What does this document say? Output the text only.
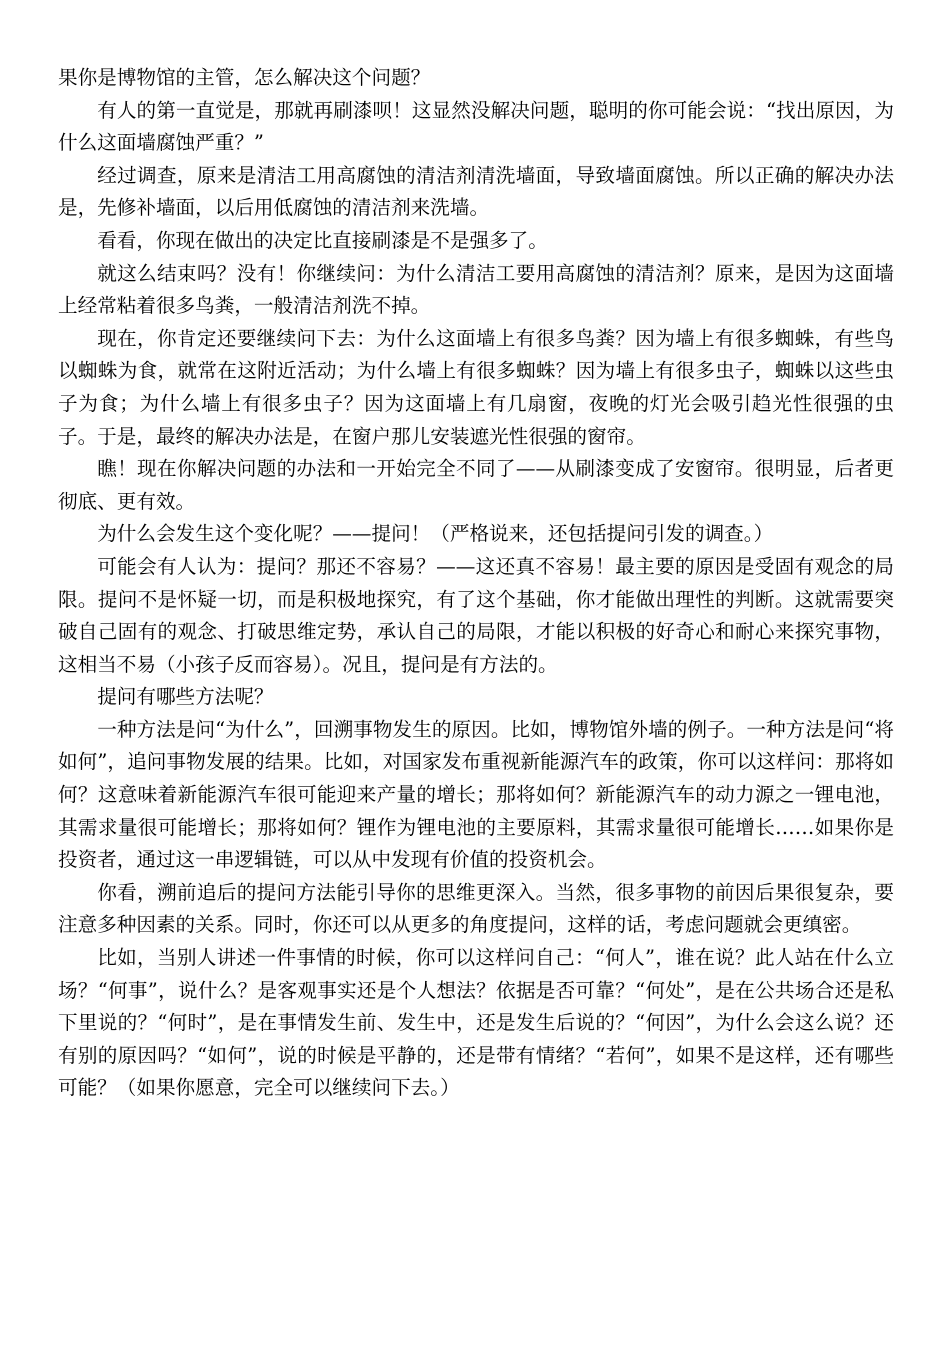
果你是博物馆的主管，怎么解决这个问题？

有人的第一直觉是，那就再刷漆呗！这显然没解决问题，聪明的你可能会说：“找出原因，为什么这面墙腐蚀严重？”

经过调查，原来是清洁工用高腐蚀的清洁剂清洗墙面，导致墙面腐蚀。所以正确的解决办法是，先修补墙面，以后用低腐蚀的清洁剂来洗墙。

看看，你现在做出的决定比直接刷漆是不是强多了。

就这么结束吗？没有！你继续问：为什么清洁工要用高腐蚀的清洁剂？原来，是因为这面墙上经常粘着很多鸟粪，一般清洁剂洗不掉。

现在，你肯定还要继续问下去：为什么这面墙上有很多鸟粪？因为墙上有很多蜘蛛，有些鸟以蜘蛛为食，就常在这附近活动；为什么墙上有很多蜘蛛？因为墙上有很多虫子，蜘蛛以这些虫子为食；为什么墙上有很多虫子？因为这面墙上有几扇窗，夜晚的灯光会吸引趋光性很强的虫子。于是，最终的解决办法是，在窗户那儿安装遮光性很强的窗帘。

瞧！现在你解决问题的办法和一开始完全不同了——从刷漆变成了安窗帘。很明显，后者更彻底、更有效。

为什么会发生这个变化呢？——提问！（严格说来，还包括提问引发的调查。）

可能会有人认为：提问？那还不容易？——这还真不容易！最主要的原因是受固有观念的局限。提问不是怀疑一切，而是积极地探究，有了这个基础，你才能做出理性的判断。这就需要突破自己固有的观念、打破思维定势，承认自己的局限，才能以积极的好奇心和耐心来探究事物，这相当不易（小孩子反而容易）。况且，提问是有方法的。

提问有哪些方法呢？

一种方法是问“为什么”，回溯事物发生的原因。比如，博物馆外墙的例子。一种方法是问“将如何”，追问事物发展的结果。比如，对国家发布重视新能源汽车的政策，你可以这样问：那将如何？这意味着新能源汽车很可能迎来产量的增长；那将如何？新能源汽车的动力源之一锂电池，其需求量很可能增长；那将如何？锂作为锂电池的主要原料，其需求量很可能增长……如果你是投资者，通过这一串逻辑链，可以从中发现有价值的投资机会。

你看，溯前追后的提问方法能引导你的思维更深入。当然，很多事物的前因后果很复杂，要注意多种因素的关系。同时，你还可以从更多的角度提问，这样的话，考虑问题就会更缜密。

比如，当别人讲述一件事情的时候，你可以这样问自己：“何人”，谁在说？此人站在什么立场？“何事”，说什么？是客观事实还是个人想法？依据是否可靠？“何处”，是在公共场合还是私下里说的？“何时”，是在事情发生前、发生中，还是发生后说的？“何因”，为什么会这么说？还有别的原因吗？“如何”，说的时候是平静的，还是带有情绪？“若何”，如果不是这样，还有哪些可能？（如果你愿意，完全可以继续问下去。）
